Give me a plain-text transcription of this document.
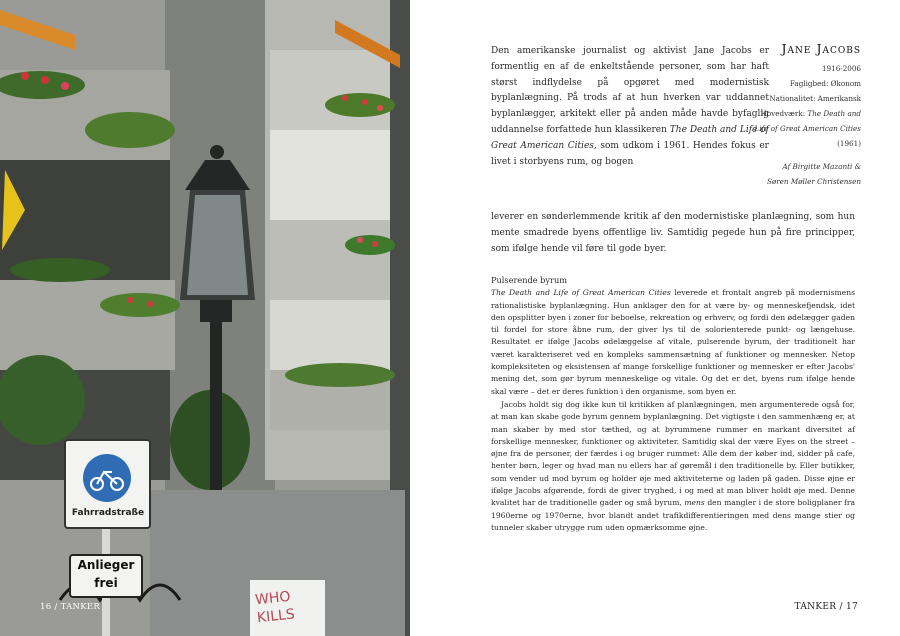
Fahrradstraße
Anlieger
frei
WHO KILLS
16 / TANKER
Jane Jacobs
1916-2006
Fagligbed: Økonom
Nationalitet: Amerikansk
Hovedværk: The Death and Life of Great American Cities (1961)
Af Birgitte Mazanti &
Søren Møller Christensen
Den amerikanske journalist og aktivist Jane Jacobs er formentlig en af de enkeltstående personer, som har haft størst indflydelse på opgøret med modernistisk byplanlægning. På trods af at hun hverken var uddannet byplanlægger, arkitekt eller på anden måde havde byfaglig uddannelse forfattede hun klassikeren The Death and Life of Great American Cities, som udkom i 1961. Hendes fokus er livet i storbyens rum, og bogen
leverer en sønderlemmende kritik af den modernistiske planlægning, som hun mente smadrede byens offentlige liv. Samtidig pegede hun på fire principper, som ifølge hende vil føre til gode byer.
Pulserende byrum

The Death and Life of Great American Cities leverede et frontalt angreb på modernismens rationalistiske byplanlægning. Hun anklager den for at være by- og menneskefjendsk, idet den opsplitter byen i zoner for beboelse, rekreation og erhverv, og fordi den ødelægger gaden til fordel for store åbne rum, der giver lys til de solorienterede punkt- og længehuse. Resultatet er ifølge Jacobs ødelæggelse af vitale, pulserende byrum, der traditionelt har været karakteriseret ved en kompleks sammensætning af funktioner og mennesker. Netop kompleksiteten og eksistensen af mange forskellige funktioner og mennesker er efter Jacobs' mening det, som gør byrum menneskelige og vitale. Og det er det, byens rum ifølge hende skal være – det er deres funktion i den organisme, som byen er.

Jacobs holdt sig dog ikke kun til kritikken af planlægningen, men argumenterede også for, at man kan skabe gode byrum gennem byplanlægning. Det vigtigste i den sammenhæng er, at man skaber by med stor tæthed, og at byrummene rummer en markant diversitet af forskellige mennesker, funktioner og aktiviteter. Samtidig skal der være Eyes on the street – øjne fra de personer, der færdes i og bruger rummet: Alle dem der køber ind, sidder på cafe, henter børn, leger og hvad man nu ellers har af gøremål i den traditionelle by. Eller butikker, som vender ud mod byrum og holder øje med aktiviteterne og laden på gaden. Disse øjne er ifølge Jacobs afgørende, fordi de giver tryghed, i og med at man bliver holdt øje med. Denne kvalitet har de traditionelle gader og små byrum, mens den mangler i de store boligplaner fra 1960erne og 1970erne, hvor blandt andet trafikdifferentieringen med dens mange stier og tunneler skaber utrygge rum uden opmærksomme øjne.

TANKER / 17
